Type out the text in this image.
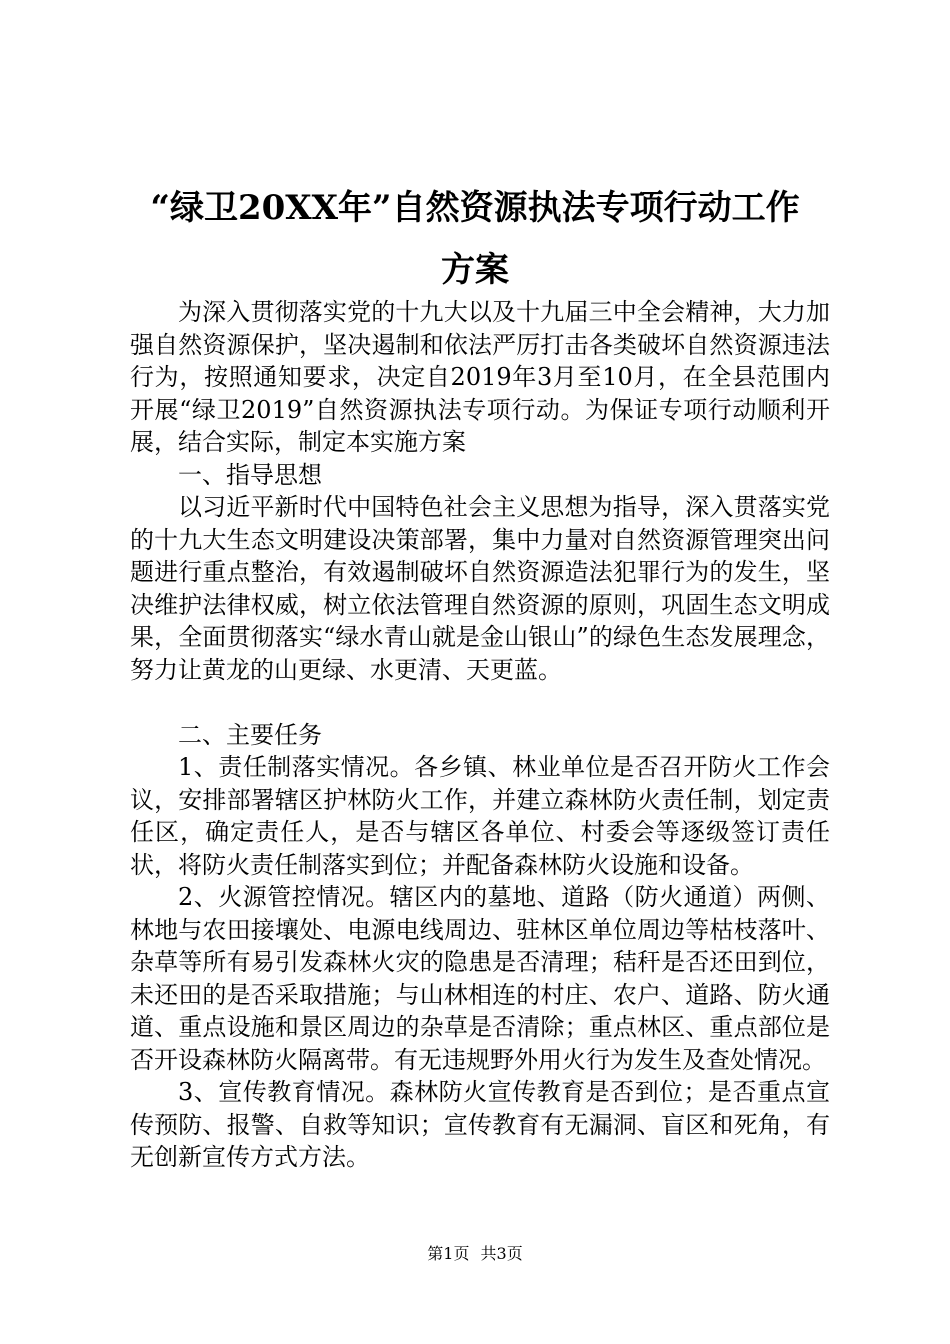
“绿卫20XX年”自然资源执法专项行动工作
方案

为深入贯彻落实党的十九大以及十九届三中全会精神，大力加强自然资源保护，坚决遏制和依法严厉打击各类破坏自然资源违法行为，按照通知要求，决定自2019年3月至10月，在全县范围内开展“绿卫2019”自然资源执法专项行动。为保证专项行动顺利开展，结合实际，制定本实施方案

一、指导思想

以习近平新时代中国特色社会主义思想为指导，深入贯落实党的十九大生态文明建设决策部署，集中力量对自然资源管理突出问题进行重点整治，有效遏制破坏自然资源造法犯罪行为的发生，坚决维护法律权威，树立依法管理自然资源的原则，巩固生态文明成果，全面贯彻落实“绿水青山就是金山银山”的绿色生态发展理念，努力让黄龙的山更绿、水更清、天更蓝。

二、主要任务

1、责任制落实情况。各乡镇、林业单位是否召开防火工作会议，安排部署辖区护林防火工作，并建立森林防火责任制，划定责任区，确定责任人，是否与辖区各单位、村委会等逐级签订责任状，将防火责任制落实到位；并配备森林防火设施和设备。

2、火源管控情况。辖区内的墓地、道路（防火通道）两侧、林地与农田接壤处、电源电线周边、驻林区单位周边等枯枝落叶、杂草等所有易引发森林火灾的隐患是否清理；秸秆是否还田到位，未还田的是否采取措施；与山林相连的村庄、农户、道路、防火通道、重点设施和景区周边的杂草是否清除；重点林区、重点部位是否开设森林防火隔离带。有无违规野外用火行为发生及查处情况。

3、宣传教育情况。森林防火宣传教育是否到位；是否重点宣传预防、报警、自救等知识；宣传教育有无漏洞、盲区和死角，有无创新宣传方式方法。

第1页 共3页
